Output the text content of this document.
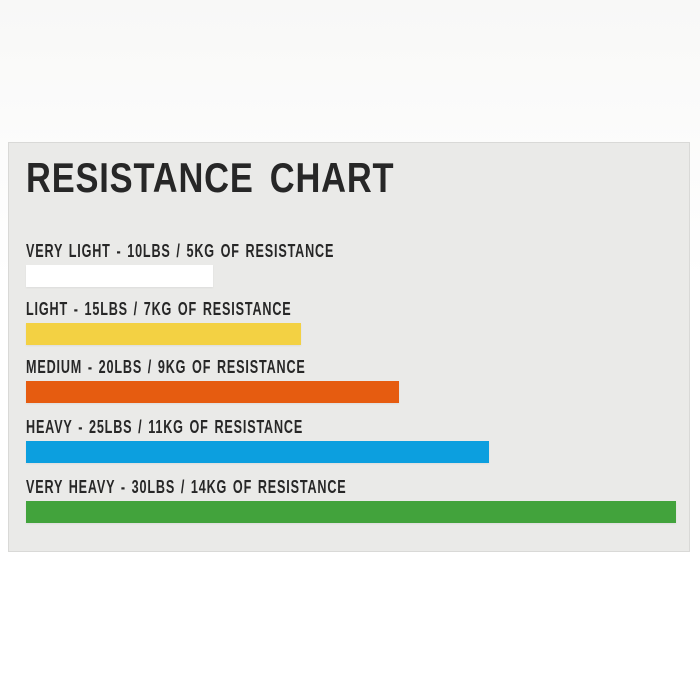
RESISTANCE CHART
VERY LIGHT - 10LBS / 5KG OF RESISTANCE
LIGHT - 15LBS / 7KG OF RESISTANCE
MEDIUM - 20LBS / 9KG OF RESISTANCE
HEAVY - 25LBS / 11KG OF RESISTANCE
VERY HEAVY - 30LBS / 14KG OF RESISTANCE
